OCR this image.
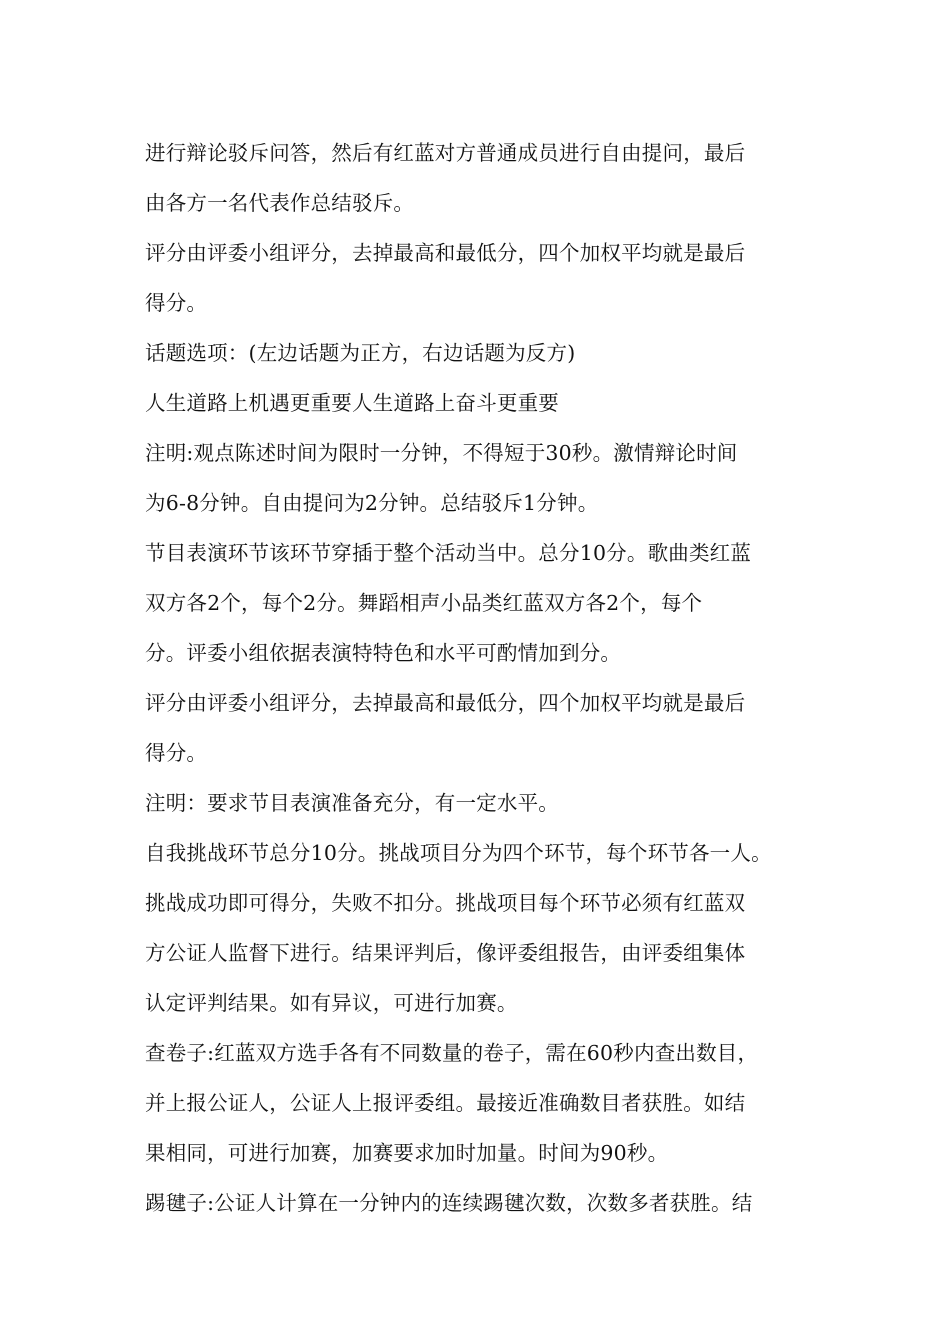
进行辩论驳斥问答，然后有红蓝对方普通成员进行自由提问，最后
由各方一名代表作总结驳斥。
评分由评委小组评分，去掉最高和最低分，四个加权平均就是最后
得分。
话题选项：(左边话题为正方，右边话题为反方)
人生道路上机遇更重要人生道路上奋斗更重要
注明:观点陈述时间为限时一分钟，不得短于30秒。激情辩论时间
为6-8分钟。自由提问为2分钟。总结驳斥1分钟。
节目表演环节该环节穿插于整个活动当中。总分10分。歌曲类红蓝
双方各2个，每个2分。舞蹈相声小品类红蓝双方各2个，每个
分。评委小组依据表演特特色和水平可酌情加到分。
评分由评委小组评分，去掉最高和最低分，四个加权平均就是最后
得分。
注明：要求节目表演准备充分，有一定水平。
自我挑战环节总分10分。挑战项目分为四个环节，每个环节各一人。
挑战成功即可得分，失败不扣分。挑战项目每个环节必须有红蓝双
方公证人监督下进行。结果评判后，像评委组报告，由评委组集体
认定评判结果。如有异议，可进行加赛。
查卷子:红蓝双方选手各有不同数量的卷子，需在60秒内查出数目，
并上报公证人，公证人上报评委组。最接近准确数目者获胜。如结
果相同，可进行加赛，加赛要求加时加量。时间为90秒。
踢毽子:公证人计算在一分钟内的连续踢毽次数，次数多者获胜。结
